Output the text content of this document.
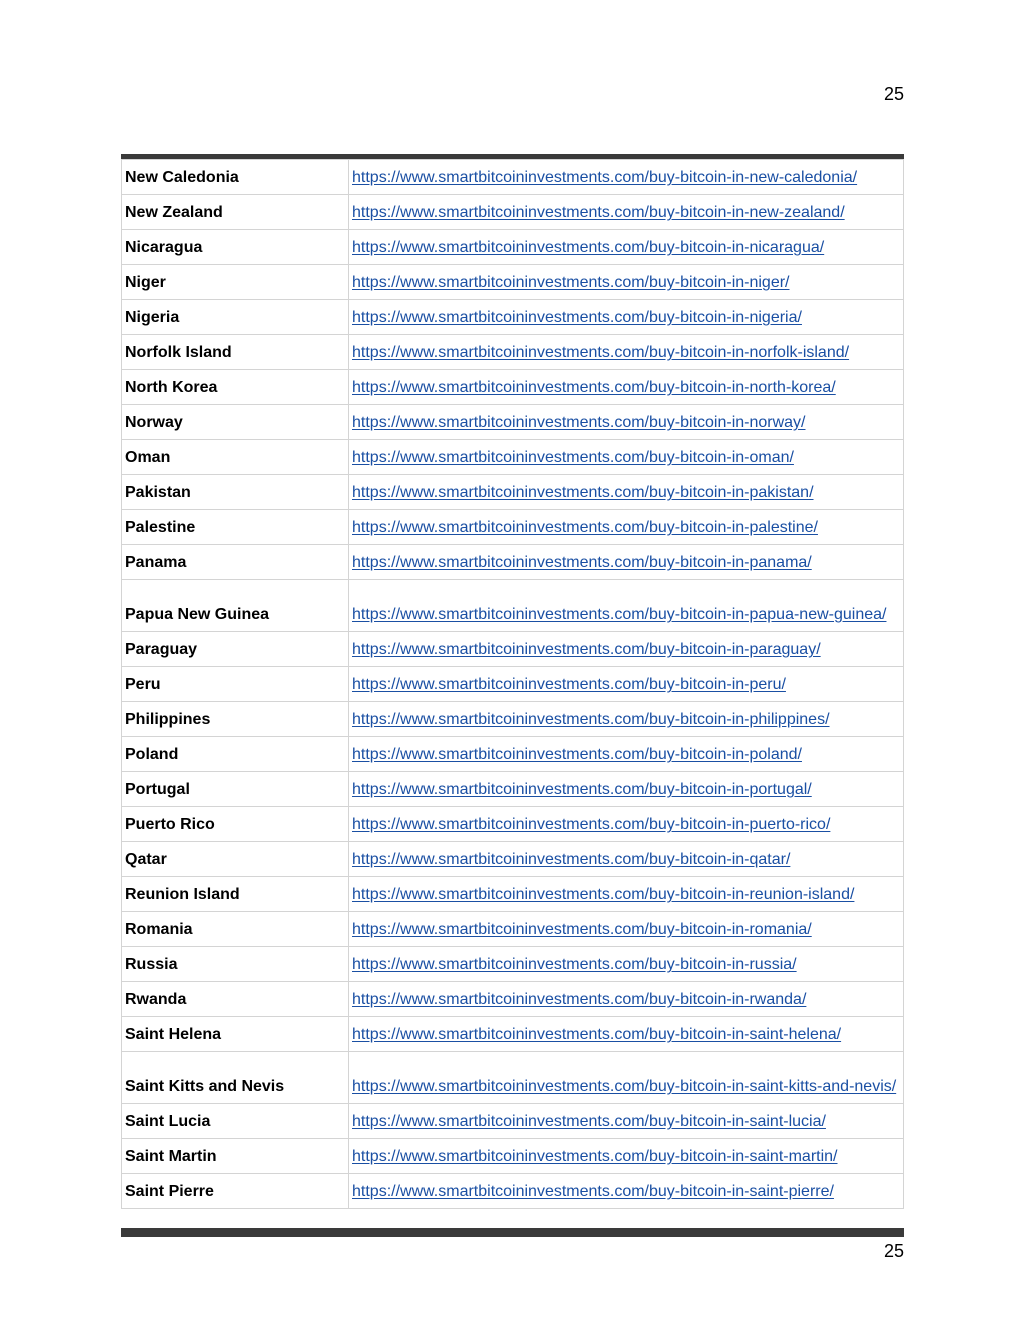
25
New Caledonia	https://www.smartbitcoininvestments.com/buy-bitcoin-in-new-caledonia/
New Zealand	https://www.smartbitcoininvestments.com/buy-bitcoin-in-new-zealand/
Nicaragua	https://www.smartbitcoininvestments.com/buy-bitcoin-in-nicaragua/
Niger	https://www.smartbitcoininvestments.com/buy-bitcoin-in-niger/
Nigeria	https://www.smartbitcoininvestments.com/buy-bitcoin-in-nigeria/
Norfolk Island	https://www.smartbitcoininvestments.com/buy-bitcoin-in-norfolk-island/
North Korea	https://www.smartbitcoininvestments.com/buy-bitcoin-in-north-korea/
Norway	https://www.smartbitcoininvestments.com/buy-bitcoin-in-norway/
Oman	https://www.smartbitcoininvestments.com/buy-bitcoin-in-oman/
Pakistan	https://www.smartbitcoininvestments.com/buy-bitcoin-in-pakistan/
Palestine	https://www.smartbitcoininvestments.com/buy-bitcoin-in-palestine/
Panama	https://www.smartbitcoininvestments.com/buy-bitcoin-in-panama/
Papua New Guinea	https://www.smartbitcoininvestments.com/buy-bitcoin-in-papua-new-guinea/
Paraguay	https://www.smartbitcoininvestments.com/buy-bitcoin-in-paraguay/
Peru	https://www.smartbitcoininvestments.com/buy-bitcoin-in-peru/
Philippines	https://www.smartbitcoininvestments.com/buy-bitcoin-in-philippines/
Poland	https://www.smartbitcoininvestments.com/buy-bitcoin-in-poland/
Portugal	https://www.smartbitcoininvestments.com/buy-bitcoin-in-portugal/
Puerto Rico	https://www.smartbitcoininvestments.com/buy-bitcoin-in-puerto-rico/
Qatar	https://www.smartbitcoininvestments.com/buy-bitcoin-in-qatar/
Reunion Island	https://www.smartbitcoininvestments.com/buy-bitcoin-in-reunion-island/
Romania	https://www.smartbitcoininvestments.com/buy-bitcoin-in-romania/
Russia	https://www.smartbitcoininvestments.com/buy-bitcoin-in-russia/
Rwanda	https://www.smartbitcoininvestments.com/buy-bitcoin-in-rwanda/
Saint Helena	https://www.smartbitcoininvestments.com/buy-bitcoin-in-saint-helena/
Saint Kitts and Nevis	https://www.smartbitcoininvestments.com/buy-bitcoin-in-saint-kitts-and-nevis/
Saint Lucia	https://www.smartbitcoininvestments.com/buy-bitcoin-in-saint-lucia/
Saint Martin	https://www.smartbitcoininvestments.com/buy-bitcoin-in-saint-martin/
Saint Pierre	https://www.smartbitcoininvestments.com/buy-bitcoin-in-saint-pierre/
25
